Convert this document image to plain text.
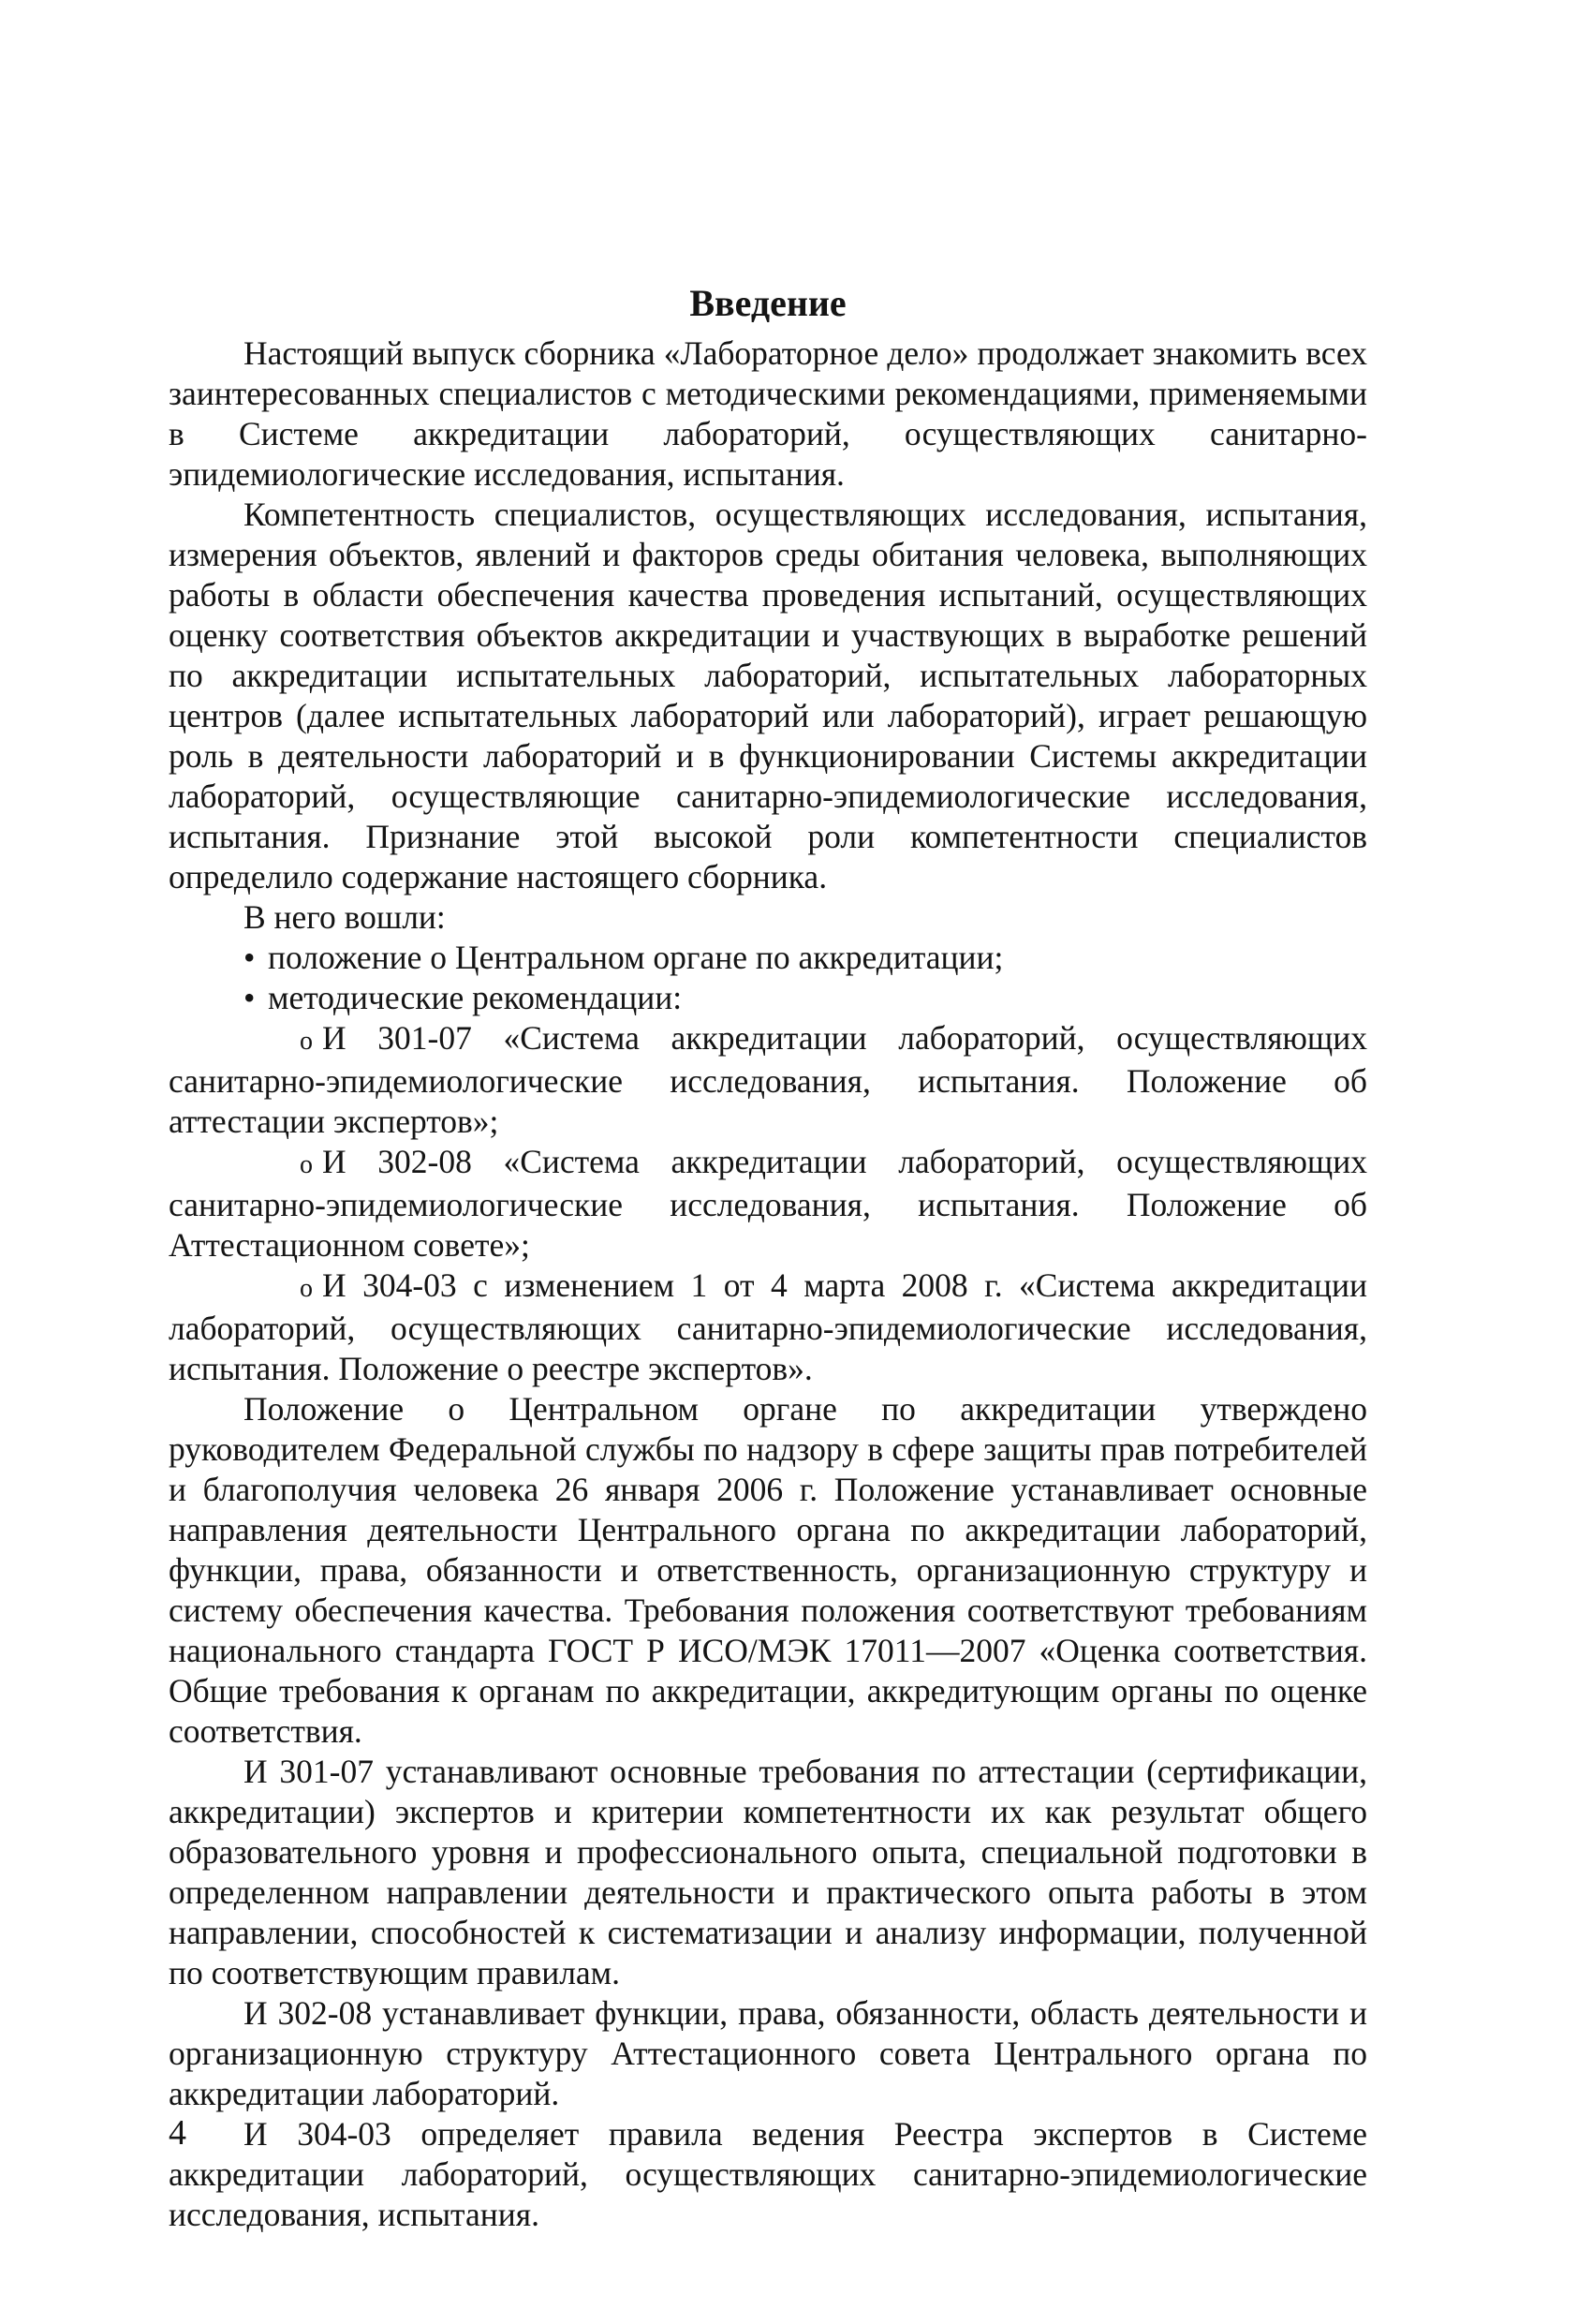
Введение

Настоящий выпуск сборника «Лабораторное дело» продолжает знакомить всех заинтересованных специалистов с методическими рекомендациями, применяемыми в Системе аккредитации лабораторий, осуществляющих санитарно-эпидемиологические исследования, испытания.

Компетентность специалистов, осуществляющих исследования, испытания, измерения объектов, явлений и факторов среды обитания человека, выполняющих работы в области обеспечения качества проведения испытаний, осуществляющих оценку соответствия объектов аккредитации и участвующих в выработке решений по аккредитации испытательных лабораторий, испытательных лабораторных центров (далее испытательных лабораторий или лабораторий), играет решающую роль в деятельности лабораторий и в функционировании Системы аккредитации лабораторий, осуществляющие санитарно-эпидемиологические исследования, испытания. Признание этой высокой роли компетентности специалистов определило содержание настоящего сборника.

В него вошли:

• положение о Центральном органе по аккредитации;

• методические рекомендации:

o И 301-07 «Система аккредитации лабораторий, осуществляющих санитарно-эпидемиологические исследования, испытания. Положение об аттестации экспертов»;

o И 302-08 «Система аккредитации лабораторий, осуществляющих санитарно-эпидемиологические исследования, испытания. Положение об Аттестационном совете»;

o И 304-03 с изменением 1 от 4 марта 2008 г. «Система аккредитации лабораторий, осуществляющих санитарно-эпидемиологические исследования, испытания. Положение о реестре экспертов».

Положение о Центральном органе по аккредитации утверждено руководителем Федеральной службы по надзору в сфере защиты прав потребителей и благополучия человека 26 января 2006 г. Положение устанавливает основные направления деятельности Центрального органа по аккредитации лабораторий, функции, права, обязанности и ответственность, организационную структуру и систему обеспечения качества. Требования положения соответствуют требованиям национального стандарта ГОСТ Р ИСО/МЭК 17011—2007 «Оценка соответствия. Общие требования к органам по аккредитации, аккредитующим органы по оценке соответствия.

И 301-07 устанавливают основные требования по аттестации (сертификации, аккредитации) экспертов и критерии компетентности их как результат общего образовательного уровня и профессионального опыта, специальной подготовки в определенном направлении деятельности и практического опыта работы в этом направлении, способностей к систематизации и анализу информации, полученной по соответствующим правилам.

И 302-08 устанавливает функции, права, обязанности, область деятельности и организационную структуру Аттестационного совета Центрального органа по аккредитации лабораторий.

И 304-03 определяет правила ведения Реестра экспертов в Системе аккредитации лабораторий, осуществляющих санитарно-эпидемиологические исследования, испытания.

4
